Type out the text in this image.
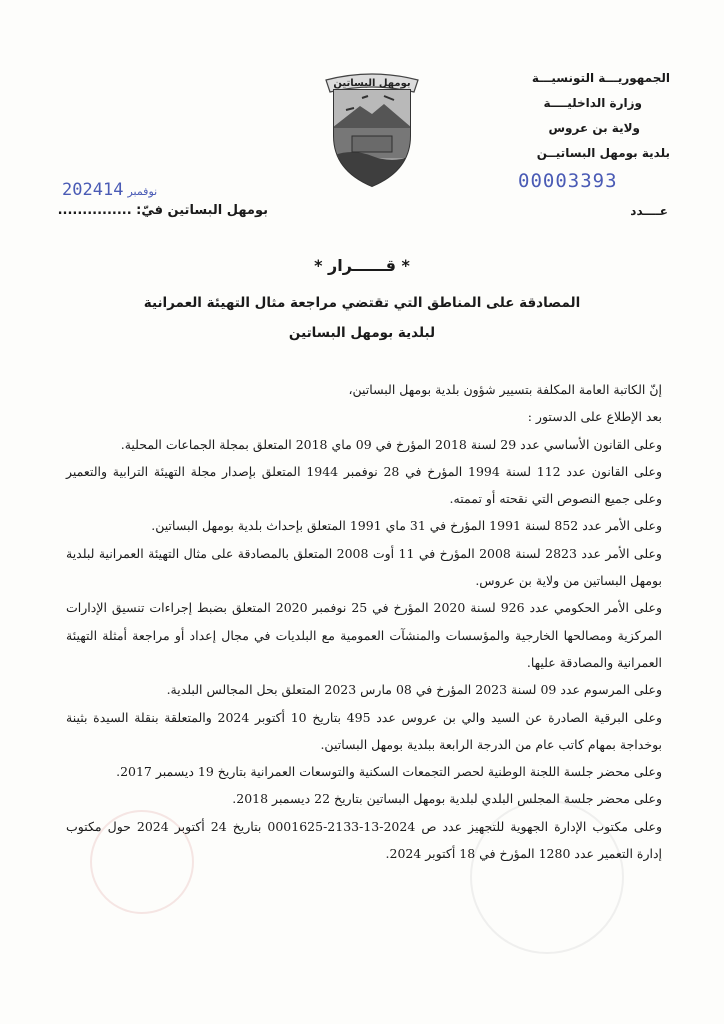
الجمهوريـــة التونسيـــة
وزارة الداخليــــة
ولاية بن عروس
بلدية بومهل البساتيــن
بومهل البساتين
00003393
عــــدد
2024 نوفمبر14
بومهل البساتين فيّ: ...............
* قــــــرار *
المصادقة على المناطق التي تقتضي مراجعة مثال التهيئة العمرانية
لبلدية بومهل البساتين

إنّ الكاتبة العامة المكلفة بتسيير شؤون بلدية بومهل البساتين،

بعد الإطلاع على الدستور :

وعلى القانون الأساسي عدد 29 لسنة 2018 المؤرخ في 09 ماي 2018 المتعلق بمجلة الجماعات المحلية.

وعلى القانون عدد 112 لسنة 1994 المؤرخ في 28 نوفمبر 1944 المتعلق بإصدار مجلة التهيئة الترابية والتعمير وعلى جميع النصوص التي نقحته أو تممته.

وعلى الأمر عدد 852 لسنة 1991 المؤرخ في 31 ماي 1991 المتعلق بإحداث بلدية بومهل البساتين.

وعلى الأمر عدد 2823 لسنة 2008 المؤرخ في 11 أوت 2008 المتعلق بالمصادقة على مثال التهيئة العمرانية لبلدية بومهل البساتين من ولاية بن عروس.

وعلى الأمر الحكومي عدد 926 لسنة 2020 المؤرخ في 25 نوفمبر 2020 المتعلق بضبط إجراءات تنسيق الإدارات المركزية ومصالحها الخارجية والمؤسسات والمنشآت العمومية مع البلديات في مجال إعداد أو مراجعة أمثلة التهيئة العمرانية والمصادقة عليها.

وعلى المرسوم عدد 09 لسنة 2023 المؤرخ في 08 مارس 2023 المتعلق بحل المجالس البلدية.

وعلى البرقية الصادرة عن السيد والي بن عروس عدد 495 بتاريخ 10 أكتوبر 2024 والمتعلقة بنقلة السيدة بثينة بوخداجة بمهام كاتب عام من الدرجة الرابعة ببلدية بومهل البساتين.

وعلى محضر جلسة اللجنة الوطنية لحصر التجمعات السكنية والتوسعات العمرانية بتاريخ 19 ديسمبر 2017.

وعلى محضر جلسة المجلس البلدي لبلدية بومهل البساتين بتاريخ 22 ديسمبر 2018.

وعلى مكتوب الإدارة الجهوية للتجهيز عدد ص 2024-13-2133-0001625 بتاريخ 24 أكتوبر 2024 حول مكتوب إدارة التعمير عدد 1280 المؤرخ في 18 أكتوبر 2024.
